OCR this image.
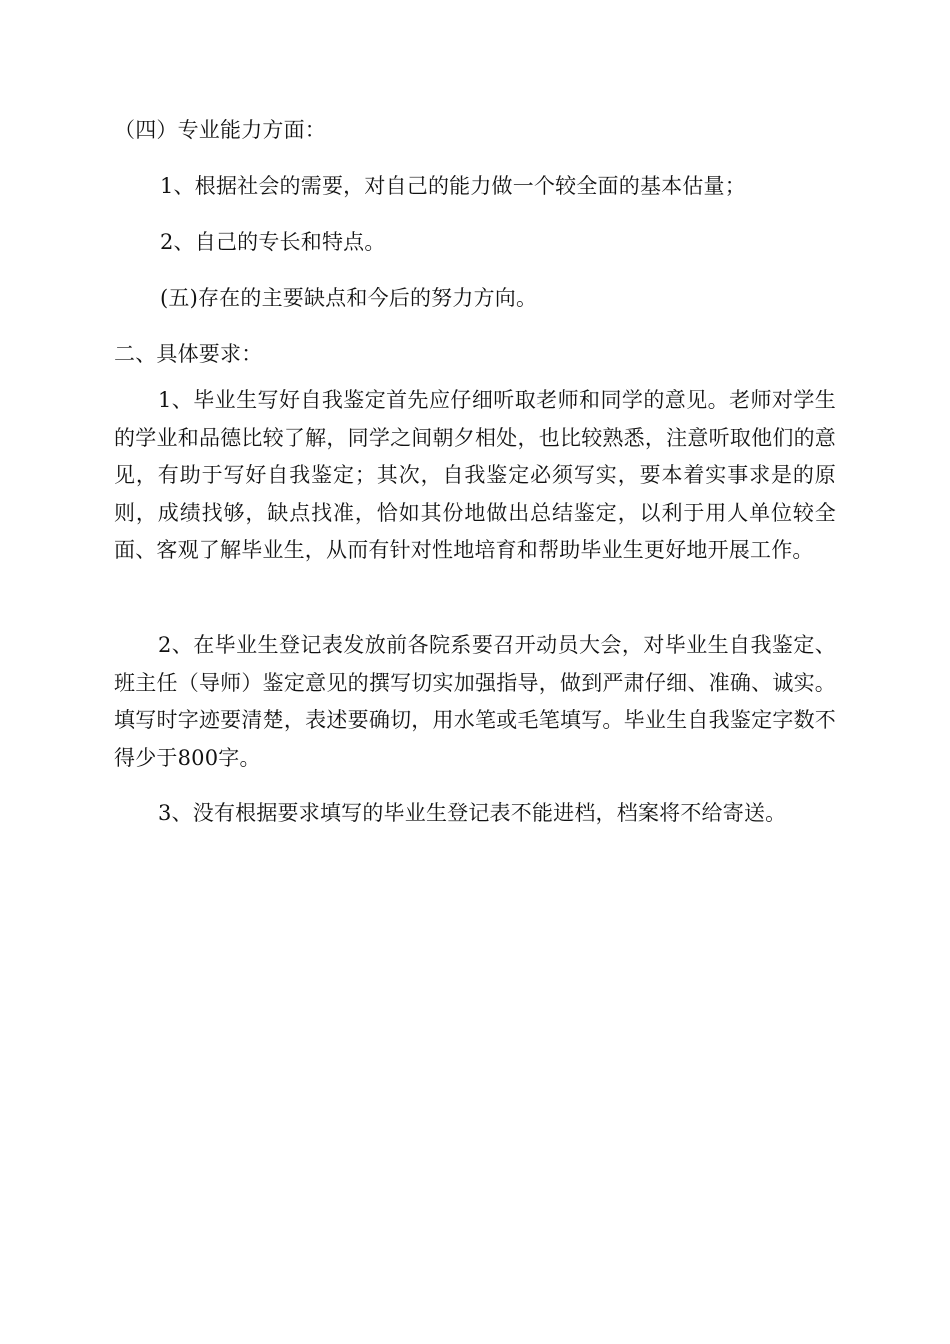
（四）专业能力方面：
1、根据社会的需要，对自己的能力做一个较全面的基本估量；
2、自己的专长和特点。
(五)存在的主要缺点和今后的努力方向。
二、具体要求：
1、毕业生写好自我鉴定首先应仔细听取老师和同学的意见。老师对学生的学业和品德比较了解，同学之间朝夕相处，也比较熟悉，注意听取他们的意见，有助于写好自我鉴定；其次，自我鉴定必须写实，要本着实事求是的原则，成绩找够，缺点找准，恰如其份地做出总结鉴定，以利于用人单位较全面、客观了解毕业生，从而有针对性地培育和帮助毕业生更好地开展工作。
2、在毕业生登记表发放前各院系要召开动员大会，对毕业生自我鉴定、班主任（导师）鉴定意见的撰写切实加强指导，做到严肃仔细、准确、诚实。填写时字迹要清楚，表述要确切，用水笔或毛笔填写。毕业生自我鉴定字数不得少于800字。
3、没有根据要求填写的毕业生登记表不能进档，档案将不给寄送。
